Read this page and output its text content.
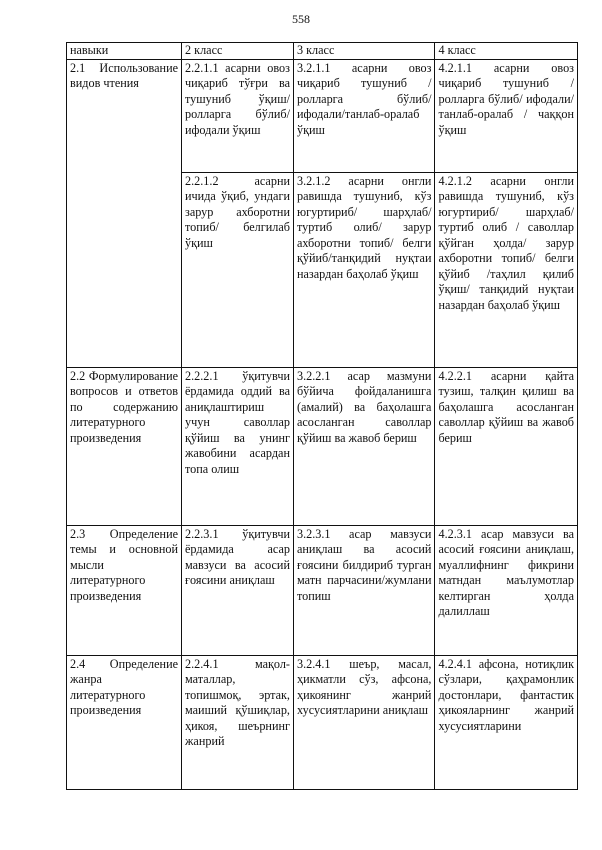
558
навыки	2 класс	3 класс	4 класс
2.1 Использование видов чтения	2.2.1.1 асарни овоз чиқариб тўғри ва тушуниб ўқиш/ролларга бўлиб/ ифодали ўқиш	3.2.1.1 асарни овоз чиқариб тушуниб / ролларга бўлиб/ ифодали/танлаб-оралаб ўқиш	4.2.1.1 асарни овоз чиқариб тушуниб / ролларга бўлиб/ ифодали/ танлаб-оралаб / чаққон ўқиш
	2.2.1.2 асарни ичида ўқиб, ундаги зарур ахборотни топиб/ белгилаб ўқиш	3.2.1.2 асарни онгли равишда тушуниб, кўз югуртириб/ шарҳлаб/ туртиб олиб/ зарур ахборотни топиб/ белги қўйиб/танқидий нуқтаи назардан баҳолаб ўқиш	4.2.1.2 асарни онгли равишда тушуниб, кўз югуртириб/ шарҳлаб/ туртиб олиб / саволлар қўйган ҳолда/ зарур ахборотни топиб/ белги қўйиб /таҳлил қилиб ўқиш/ танқидий нуқтаи назардан баҳолаб ўқиш
2.2 Формулирование вопросов и ответов по содержанию литературного произведения	2.2.2.1 ўқитувчи ёрдамида оддий ва аниқлаштириш учун саволлар қўйиш ва унинг жавобини асардан топа олиш	3.2.2.1 асар мазмуни бўйича фойдаланишга (амалий) ва баҳолашга асосланган саволлар қўйиш ва жавоб бериш	4.2.2.1 асарни қайта тузиш, талқин қилиш ва баҳолашга асосланган саволлар қўйиш ва жавоб бериш
2.3 Определение темы и основной мысли литературного произведения	2.2.3.1 ўқитувчи ёрдамида асар мавзуси ва асосий ғоясини аниқлаш	3.2.3.1 асар мавзуси аниқлаш ва асосий ғоясини билдириб турган матн парчасини/жумлани топиш	4.2.3.1 асар мавзуси ва асосий ғоясини аниқлаш, муаллифнинг фикрини матндан маълумотлар келтирган ҳолда далиллаш
2.4 Определение жанра литературного произведения	2.2.4.1 мақол-маталлар, топишмоқ, эртак, маиший қўшиқлар, ҳикоя, шеърнинг жанрий	3.2.4.1 шеър, масал, ҳикматли сўз, афсона, ҳикоянинг жанрий хусусиятларини аниқлаш	4.2.4.1 афсона, нотиқлик сўзлари, қаҳрамонлик достонлари, фантастик ҳикояларнинг жанрий хусусиятларини
